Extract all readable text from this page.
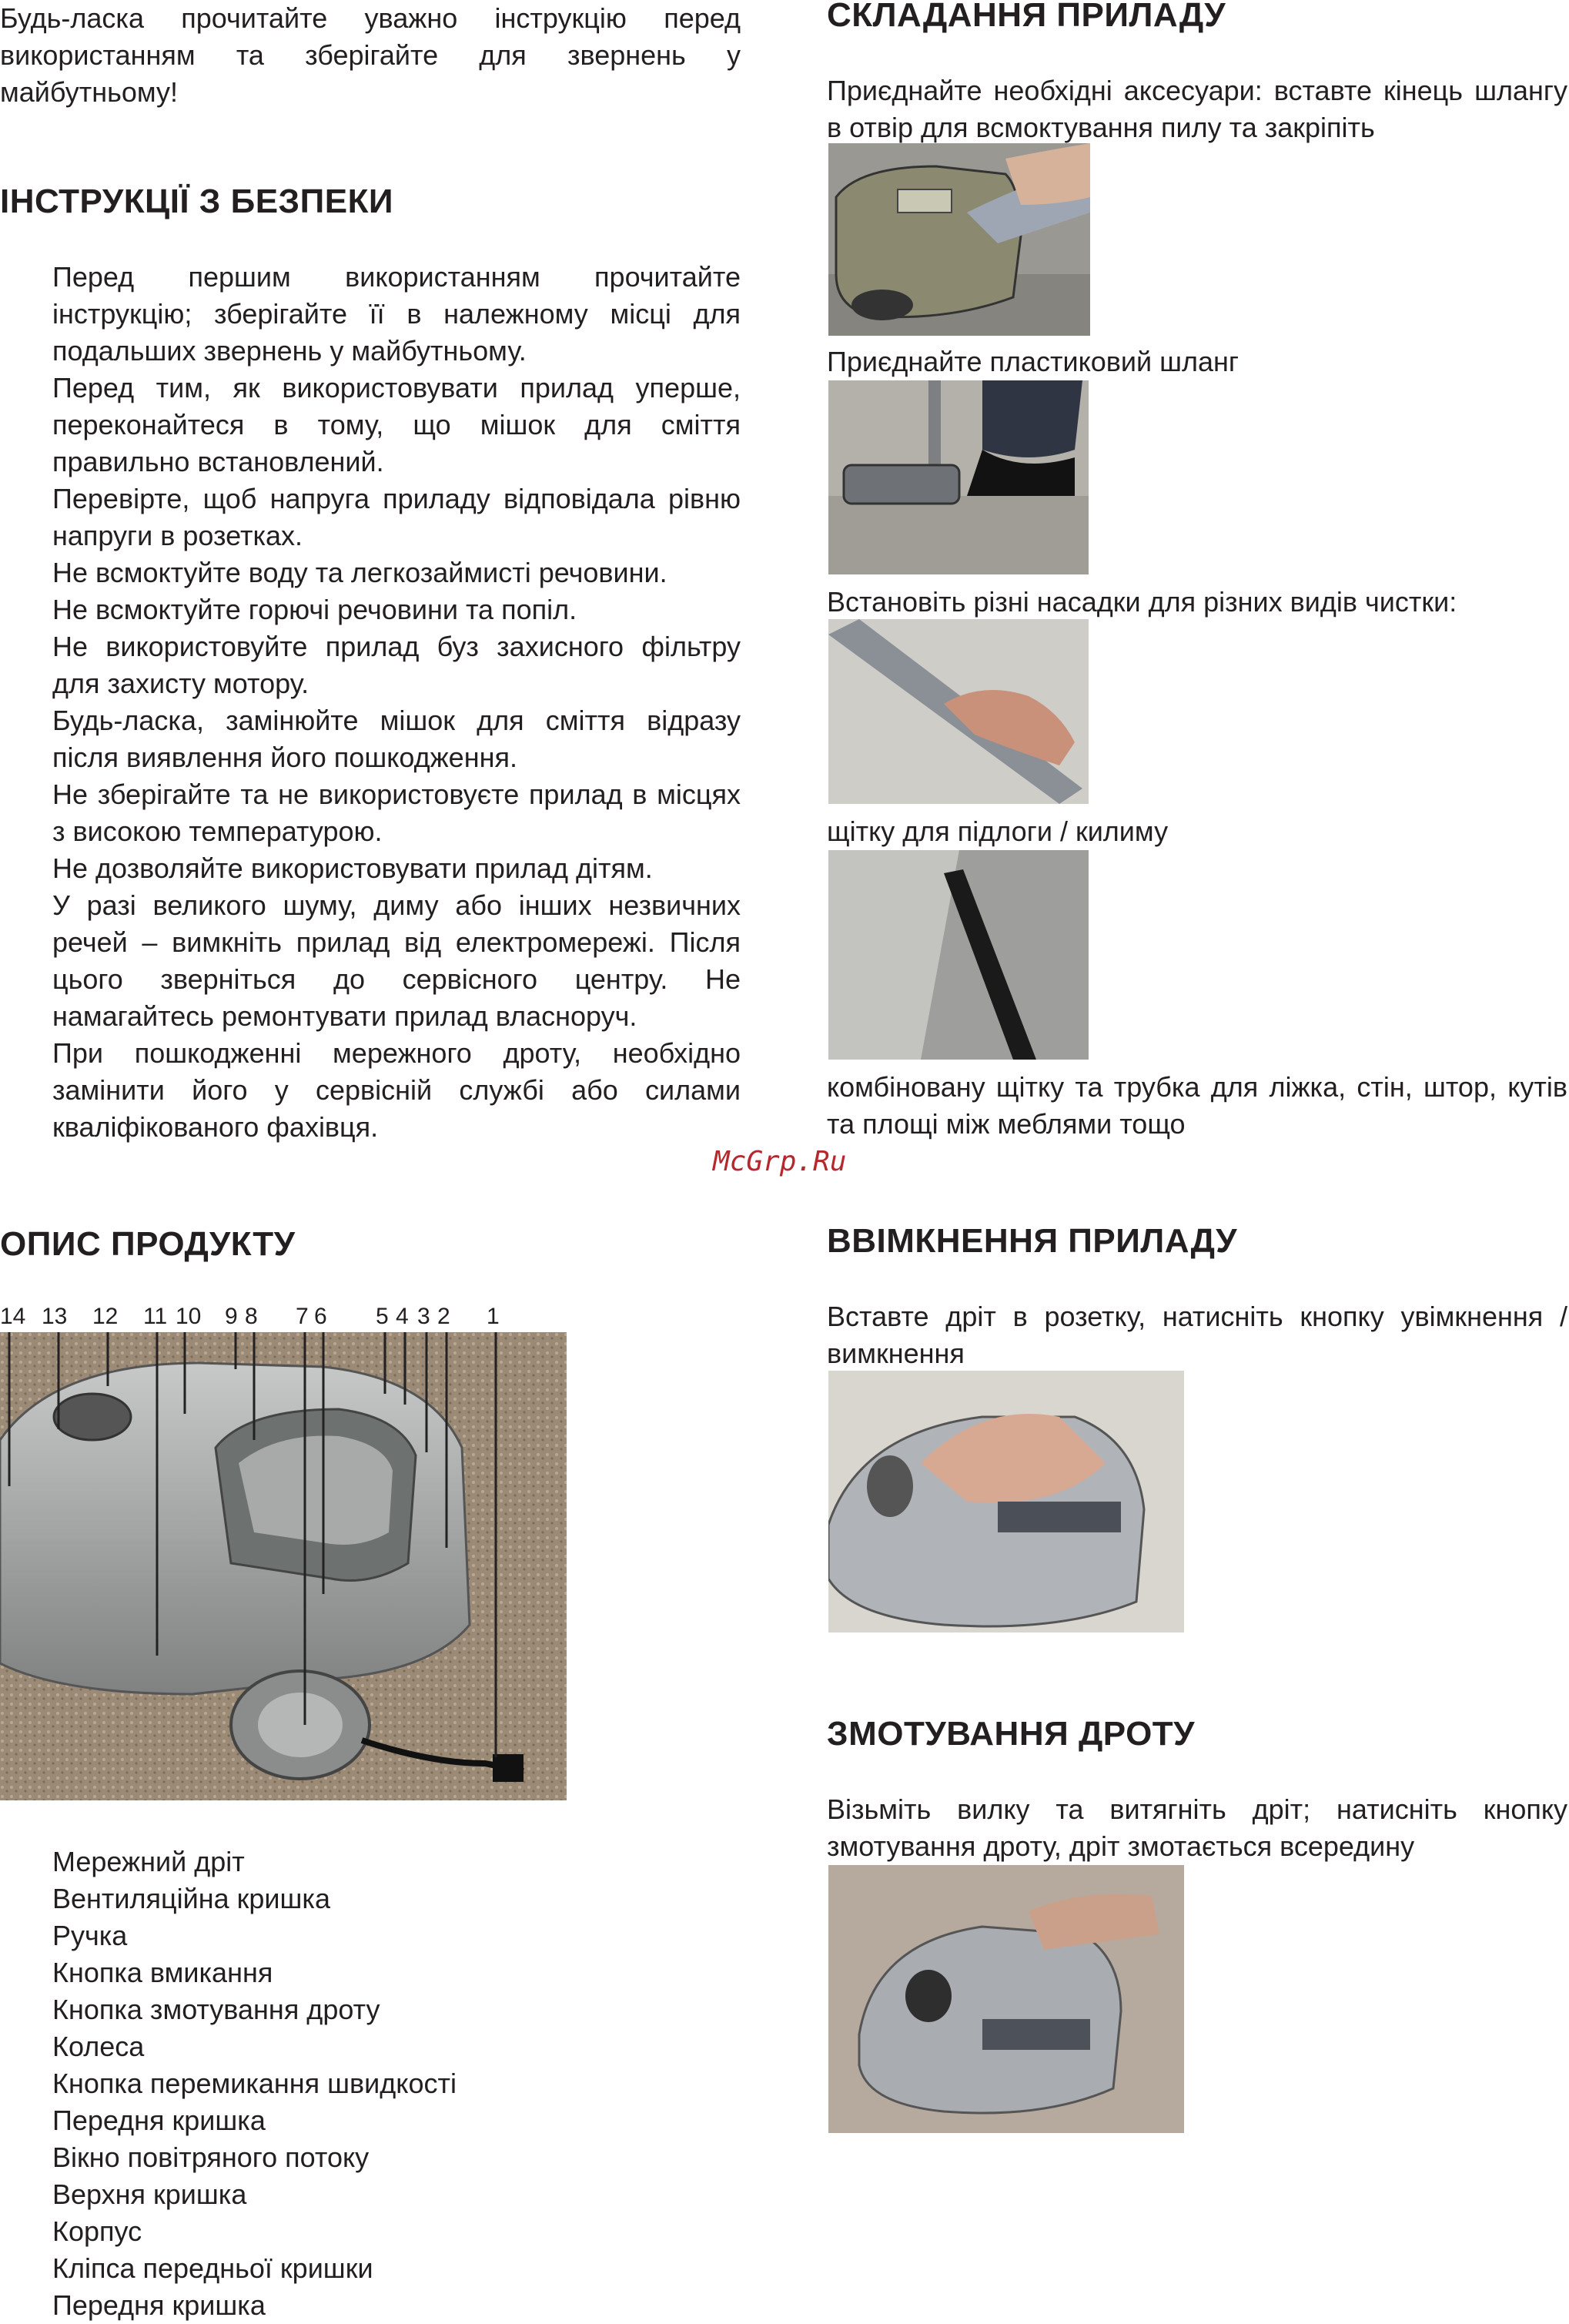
Будь-ласка прочитайте уважно інструкцію перед використанням та зберігайте для звернень у майбутньому!

ІНСТРУКЦІЇ З БЕЗПЕКИ

Перед першим використанням прочитайте інструкцію; зберігайте її в належному місці для подальших звернень у майбутньому.

Перед тим, як використовувати прилад уперше, переконайтеся в тому, що мішок для сміття правильно встановлений.

Перевірте, щоб напруга приладу відповідала рівню напруги в розетках.

Не всмоктуйте воду та легкозаймисті речовини.

Не всмоктуйте горючі речовини та попіл.

Не використовуйте прилад буз захисного фільтру для захисту мотору.

Будь-ласка, замінюйте мішок для сміття відразу після виявлення його пошкодження.

Не зберігайте та не використовуєте прилад в місцях з високою температурою.

Не дозволяйте використовувати прилад дітям.

У разі великого шуму, диму або інших незвичних речей – вимкніть прилад від електромережі. Після цього зверніться до сервісного центру. Не намагайтесь ремонтувати прилад власноруч.

При пошкодженні мережного дроту, необхідно замінити його у сервісній службі або силами кваліфікованого фахівця.

McGrp.Ru
ОПИС ПРОДУКТУ
14 13 12 11 10 9 8 7 6 5 4 3 2 1
Мережний дріт
Вентиляційна кришка
Ручка
Кнопка вмикання
Кнопка змотування дроту
Колеса
Кнопка перемикання швидкості
Передня кришка
Вікно повітряного потоку
Верхня кришка
Корпус
Кліпса передньої кришки
Передня кришка
СКЛАДАННЯ ПРИЛАДУ

Приєднайте необхідні аксесуари: вставте кінець шлангу в отвір для всмоктування пилу та закріпіть

Приєднайте пластиковий шланг

Встановіть різні насадки для різних видів чистки:

щітку для підлоги / килиму

комбіновану щітку та трубка для ліжка, стін, штор, кутів та площі між меблями тощо

ВВІМКНЕННЯ ПРИЛАДУ

Вставте дріт в розетку, натисніть кнопку увімкнення / вимкнення

ЗМОТУВАННЯ ДРОТУ

Візьміть вилку та витягніть дріт; натисніть кнопку змотування дроту, дріт змотається всередину
